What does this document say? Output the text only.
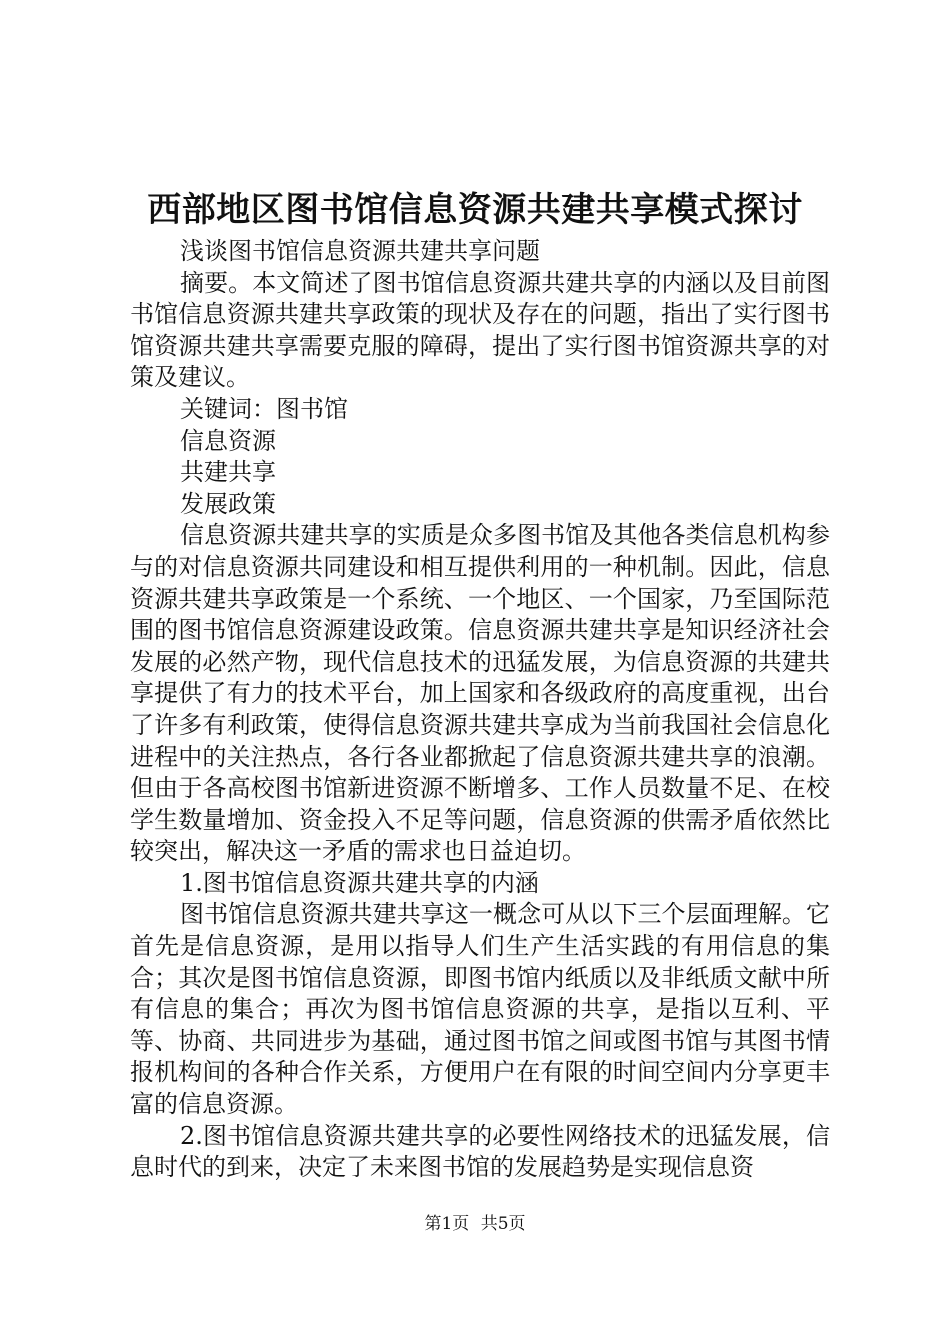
西部地区图书馆信息资源共建共享模式探讨

浅谈图书馆信息资源共建共享问题

摘要。本文简述了图书馆信息资源共建共享的内涵以及目前图书馆信息资源共建共享政策的现状及存在的问题，指出了实行图书馆资源共建共享需要克服的障碍，提出了实行图书馆资源共享的对策及建议。

关键词：图书馆

信息资源

共建共享

发展政策

信息资源共建共享的实质是众多图书馆及其他各类信息机构参与的对信息资源共同建设和相互提供利用的一种机制。因此，信息资源共建共享政策是一个系统、一个地区、一个国家，乃至国际范围的图书馆信息资源建设政策。信息资源共建共享是知识经济社会发展的必然产物，现代信息技术的迅猛发展，为信息资源的共建共享提供了有力的技术平台，加上国家和各级政府的高度重视，出台了许多有利政策，使得信息资源共建共享成为当前我国社会信息化进程中的关注热点，各行各业都掀起了信息资源共建共享的浪潮。但由于各高校图书馆新进资源不断增多、工作人员数量不足、在校学生数量增加、资金投入不足等问题，信息资源的供需矛盾依然比较突出，解决这一矛盾的需求也日益迫切。

1.图书馆信息资源共建共享的内涵

图书馆信息资源共建共享这一概念可从以下三个层面理解。它首先是信息资源，是用以指导人们生产生活实践的有用信息的集合；其次是图书馆信息资源，即图书馆内纸质以及非纸质文献中所有信息的集合；再次为图书馆信息资源的共享，是指以互利、平等、协商、共同进步为基础，通过图书馆之间或图书馆与其图书情报机构间的各种合作关系，方便用户在有限的时间空间内分享更丰富的信息资源。

2.图书馆信息资源共建共享的必要性网络技术的迅猛发展，信息时代的到来，决定了未来图书馆的发展趋势是实现信息资

第1页 共5页
